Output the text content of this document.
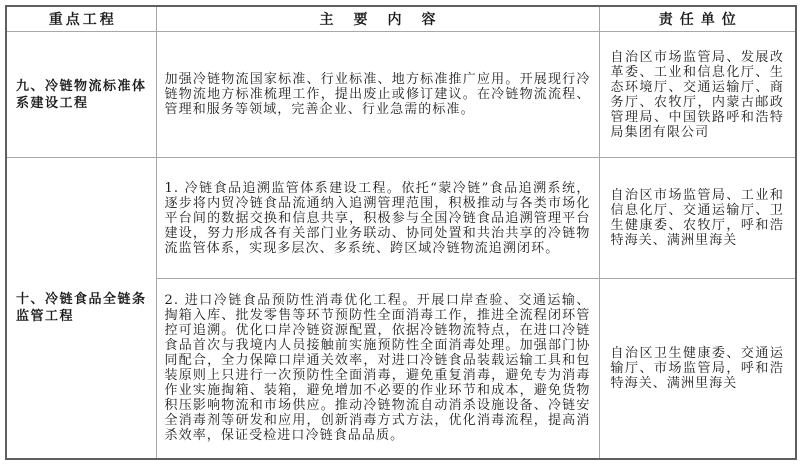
重点工程	主要内容	责任单位
九、冷链物流标准体系建设工程	加强冷链物流国家标准、行业标准、地方标准推广应用。开展现行冷链物流地方标准梳理工作，提出废止或修订建议。在冷链物流流程、管理和服务等领域，完善企业、行业急需的标准。	自治区市场监管局、发展改革委、工业和信息化厅、生态环境厅、交通运输厅、商务厅、农牧厅，内蒙古邮政管理局、中国铁路呼和浩特局集团有限公司
十、冷链食品全链条监管工程	1. 冷链食品追溯监管体系建设工程。依托“蒙冷链”食品追溯系统，逐步将内贸冷链食品流通纳入追溯管理范围，积极推动与各类市场化平台间的数据交换和信息共享，积极参与全国冷链食品追溯管理平台建设，努力形成各有关部门业务联动、协同处置和共治共享的冷链物流监管体系，实现多层次、多系统、跨区域冷链物流追溯闭环。	自治区市场监管局、工业和信息化厅、交通运输厅、卫生健康委、农牧厅，呼和浩特海关、满洲里海关
	2. 进口冷链食品预防性消毒优化工程。开展口岸查验、交通运输、掏箱入库、批发零售等环节预防性全面消毒工作，推进全流程闭环管控可追溯。优化口岸冷链资源配置，依据冷链物流特点，在进口冷链食品首次与我境内人员接触前实施预防性全面消毒处理。加强部门协同配合，全力保障口岸通关效率，对进口冷链食品装载运输工具和包装原则上只进行一次预防性全面消毒，避免重复消毒，避免专为消毒作业实施掏箱、装箱，避免增加不必要的作业环节和成本，避免货物积压影响物流和市场供应。推动冷链物流自动消杀设施设备、冷链安全消毒剂等研发和应用，创新消毒方式方法，优化消毒流程，提高消杀效率，保证受检进口冷链食品品质。	自治区卫生健康委、交通运输厅、市场监管局，呼和浩特海关、满洲里海关
